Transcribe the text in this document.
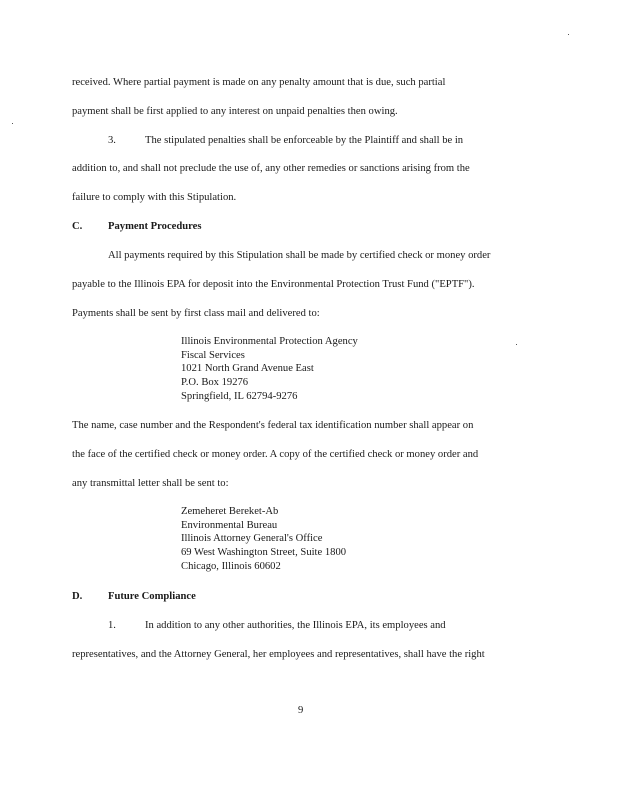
received. Where partial payment is made on any penalty amount that is due, such partial
payment shall be first applied to any interest on unpaid penalties then owing.
3.	The stipulated penalties shall be enforceable by the Plaintiff and shall be in
addition to, and shall not preclude the use of, any other remedies or sanctions arising from the
failure to comply with this Stipulation.
C. Payment Procedures
All payments required by this Stipulation shall be made by certified check or money order
payable to the Illinois EPA for deposit into the Environmental Protection Trust Fund ("EPTF").
Payments shall be sent by first class mail and delivered to:
Illinois Environmental Protection Agency
Fiscal Services
1021 North Grand Avenue East
P.O. Box 19276
Springfield, IL 62794-9276
The name, case number and the Respondent's federal tax identification number shall appear on
the face of the certified check or money order. A copy of the certified check or money order and
any transmittal letter shall be sent to:
Zemeheret Bereket-Ab
Environmental Bureau
Illinois Attorney General's Office
69 West Washington Street, Suite 1800
Chicago, Illinois 60602
D. Future Compliance
1.	In addition to any other authorities, the Illinois EPA, its employees and
representatives, and the Attorney General, her employees and representatives, shall have the right
9
